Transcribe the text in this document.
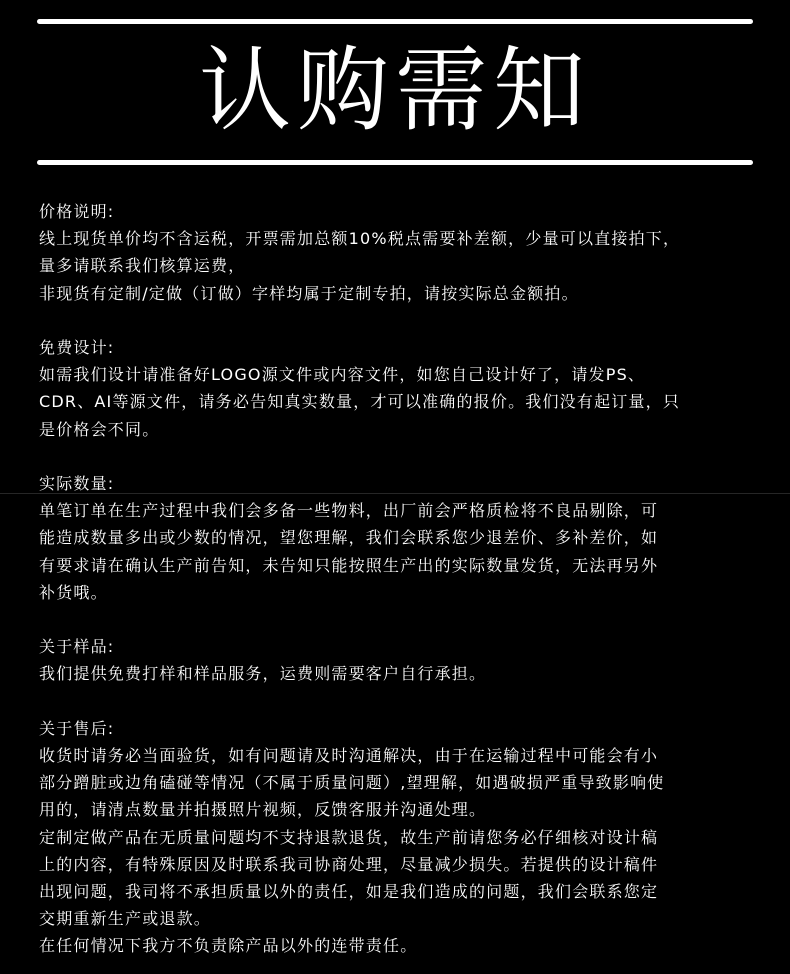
认购需知
价格说明:
线上现货单价均不含运税，开票需加总额10%税点需要补差额，少量可以直接拍下，
量多请联系我们核算运费，
非现货有定制/定做（订做）字样均属于定制专拍，请按实际总金额拍。
免费设计:
如需我们设计请准备好LOGO源文件或内容文件，如您自己设计好了，请发PS、
CDR、AI等源文件，请务必告知真实数量，才可以准确的报价。我们没有起订量，只
是价格会不同。
实际数量:
单笔订单在生产过程中我们会多备一些物料，出厂前会严格质检将不良品剔除，可
能造成数量多出或少数的情况，望您理解，我们会联系您少退差价、多补差价，如
有要求请在确认生产前告知，未告知只能按照生产出的实际数量发货，无法再另外
补货哦。
关于样品:
我们提供免费打样和样品服务，运费则需要客户自行承担。
关于售后:
收货时请务必当面验货，如有问题请及时沟通解决，由于在运输过程中可能会有小
部分蹭脏或边角磕碰等情况（不属于质量问题）,望理解，如遇破损严重导致影响使
用的，请清点数量并拍摄照片视频，反馈客服并沟通处理。
定制定做产品在无质量问题均不支持退款退货，故生产前请您务必仔细核对设计稿
上的内容，有特殊原因及时联系我司协商处理，尽量减少损失。若提供的设计稿件
出现问题，我司将不承担质量以外的责任，如是我们造成的问题，我们会联系您定
交期重新生产或退款。
在任何情况下我方不负责除产品以外的连带责任。
